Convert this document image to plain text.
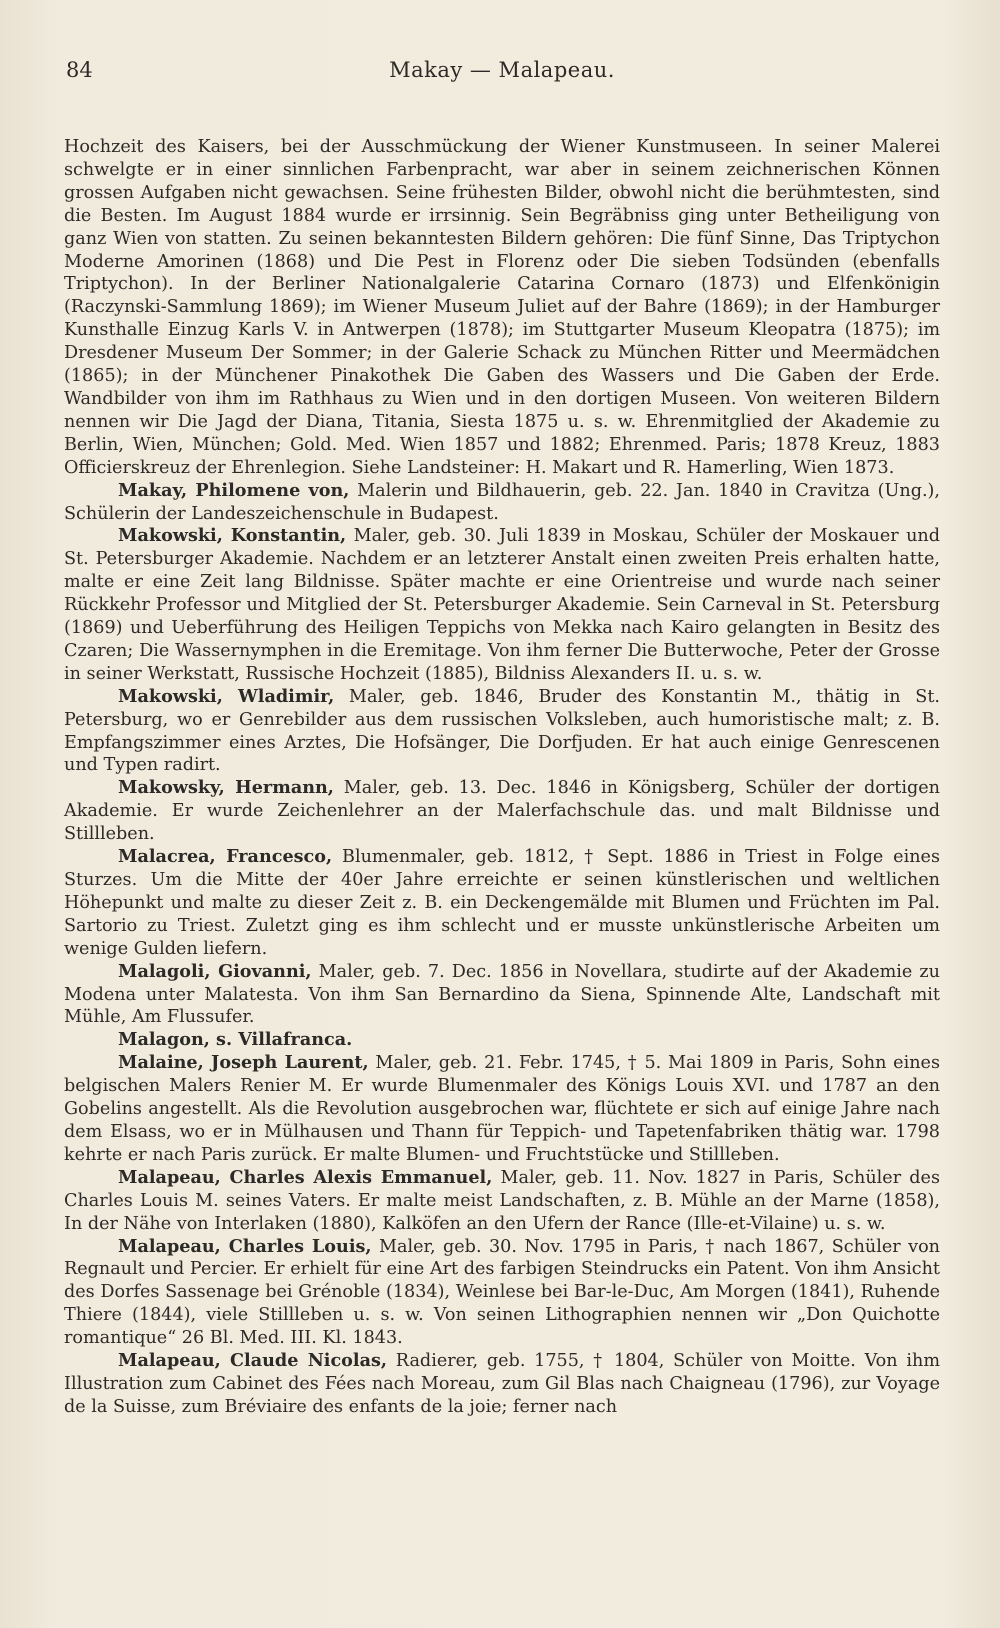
84	Makay — Malapeau.

Hochzeit des Kaisers, bei der Ausschmückung der Wiener Kunstmuseen. In seiner Malerei schwelgte er in einer sinnlichen Farbenpracht, war aber in seinem zeichnerischen Können grossen Aufgaben nicht gewachsen. Seine frühesten Bilder, obwohl nicht die berühmtesten, sind die Besten. Im August 1884 wurde er irrsinnig. Sein Begräbniss ging unter Betheiligung von ganz Wien von statten. Zu seinen bekanntesten Bildern gehören: Die fünf Sinne, Das Triptychon Moderne Amorinen (1868) und Die Pest in Florenz oder Die sieben Todsünden (ebenfalls Triptychon). In der Berliner Nationalgalerie Catarina Cornaro (1873) und Elfenkönigin (Raczynski-Sammlung 1869); im Wiener Museum Juliet auf der Bahre (1869); in der Hamburger Kunsthalle Einzug Karls V. in Antwerpen (1878); im Stuttgarter Museum Kleopatra (1875); im Dresdener Museum Der Sommer; in der Galerie Schack zu München Ritter und Meermädchen (1865); in der Münchener Pinakothek Die Gaben des Wassers und Die Gaben der Erde. Wandbilder von ihm im Rathhaus zu Wien und in den dortigen Museen. Von weiteren Bildern nennen wir Die Jagd der Diana, Titania, Siesta 1875 u. s. w. Ehrenmitglied der Akademie zu Berlin, Wien, München; Gold. Med. Wien 1857 und 1882; Ehrenmed. Paris; 1878 Kreuz, 1883 Officierskreuz der Ehrenlegion. Siehe Landsteiner: H. Makart und R. Hamerling, Wien 1873.

Makay, Philomene von, Malerin und Bildhauerin, geb. 22. Jan. 1840 in Cravitza (Ung.), Schülerin der Landeszeichenschule in Budapest.

Makowski, Konstantin, Maler, geb. 30. Juli 1839 in Moskau, Schüler der Moskauer und St. Petersburger Akademie. Nachdem er an letzterer Anstalt einen zweiten Preis erhalten hatte, malte er eine Zeit lang Bildnisse. Später machte er eine Orientreise und wurde nach seiner Rückkehr Professor und Mitglied der St. Petersburger Akademie. Sein Carneval in St. Petersburg (1869) und Ueberführung des Heiligen Teppichs von Mekka nach Kairo gelangten in Besitz des Czaren; Die Wassernymphen in die Eremitage. Von ihm ferner Die Butterwoche, Peter der Grosse in seiner Werkstatt, Russische Hochzeit (1885), Bildniss Alexanders II. u. s. w.

Makowski, Wladimir, Maler, geb. 1846, Bruder des Konstantin M., thätig in St. Petersburg, wo er Genrebilder aus dem russischen Volksleben, auch humoristische malt; z. B. Empfangszimmer eines Arztes, Die Hofsänger, Die Dorfjuden. Er hat auch einige Genrescenen und Typen radirt.

Makowsky, Hermann, Maler, geb. 13. Dec. 1846 in Königsberg, Schüler der dortigen Akademie. Er wurde Zeichenlehrer an der Malerfachschule das. und malt Bildnisse und Stillleben.

Malacrea, Francesco, Blumenmaler, geb. 1812, † Sept. 1886 in Triest in Folge eines Sturzes. Um die Mitte der 40er Jahre erreichte er seinen künstlerischen und weltlichen Höhepunkt und malte zu dieser Zeit z. B. ein Deckengemälde mit Blumen und Früchten im Pal. Sartorio zu Triest. Zuletzt ging es ihm schlecht und er musste unkünstlerische Arbeiten um wenige Gulden liefern.

Malagoli, Giovanni, Maler, geb. 7. Dec. 1856 in Novellara, studirte auf der Akademie zu Modena unter Malatesta. Von ihm San Bernardino da Siena, Spinnende Alte, Landschaft mit Mühle, Am Flussufer.

Malagon, s. Villafranca.

Malaine, Joseph Laurent, Maler, geb. 21. Febr. 1745, † 5. Mai 1809 in Paris, Sohn eines belgischen Malers Renier M. Er wurde Blumenmaler des Königs Louis XVI. und 1787 an den Gobelins angestellt. Als die Revolution ausgebrochen war, flüchtete er sich auf einige Jahre nach dem Elsass, wo er in Mülhausen und Thann für Teppich- und Tapetenfabriken thätig war. 1798 kehrte er nach Paris zurück. Er malte Blumen- und Fruchtstücke und Stillleben.

Malapeau, Charles Alexis Emmanuel, Maler, geb. 11. Nov. 1827 in Paris, Schüler des Charles Louis M. seines Vaters. Er malte meist Landschaften, z. B. Mühle an der Marne (1858), In der Nähe von Interlaken (1880), Kalköfen an den Ufern der Rance (Ille-et-Vilaine) u. s. w.

Malapeau, Charles Louis, Maler, geb. 30. Nov. 1795 in Paris, † nach 1867, Schüler von Regnault und Percier. Er erhielt für eine Art des farbigen Steindrucks ein Patent. Von ihm Ansicht des Dorfes Sassenage bei Grénoble (1834), Weinlese bei Bar-le-Duc, Am Morgen (1841), Ruhende Thiere (1844), viele Stillleben u. s. w. Von seinen Lithographien nennen wir „Don Quichotte romantique“ 26 Bl. Med. III. Kl. 1843.

Malapeau, Claude Nicolas, Radierer, geb. 1755, † 1804, Schüler von Moitte. Von ihm Illustration zum Cabinet des Fées nach Moreau, zum Gil Blas nach Chaigneau (1796), zur Voyage de la Suisse, zum Bréviaire des enfants de la joie; ferner nach
